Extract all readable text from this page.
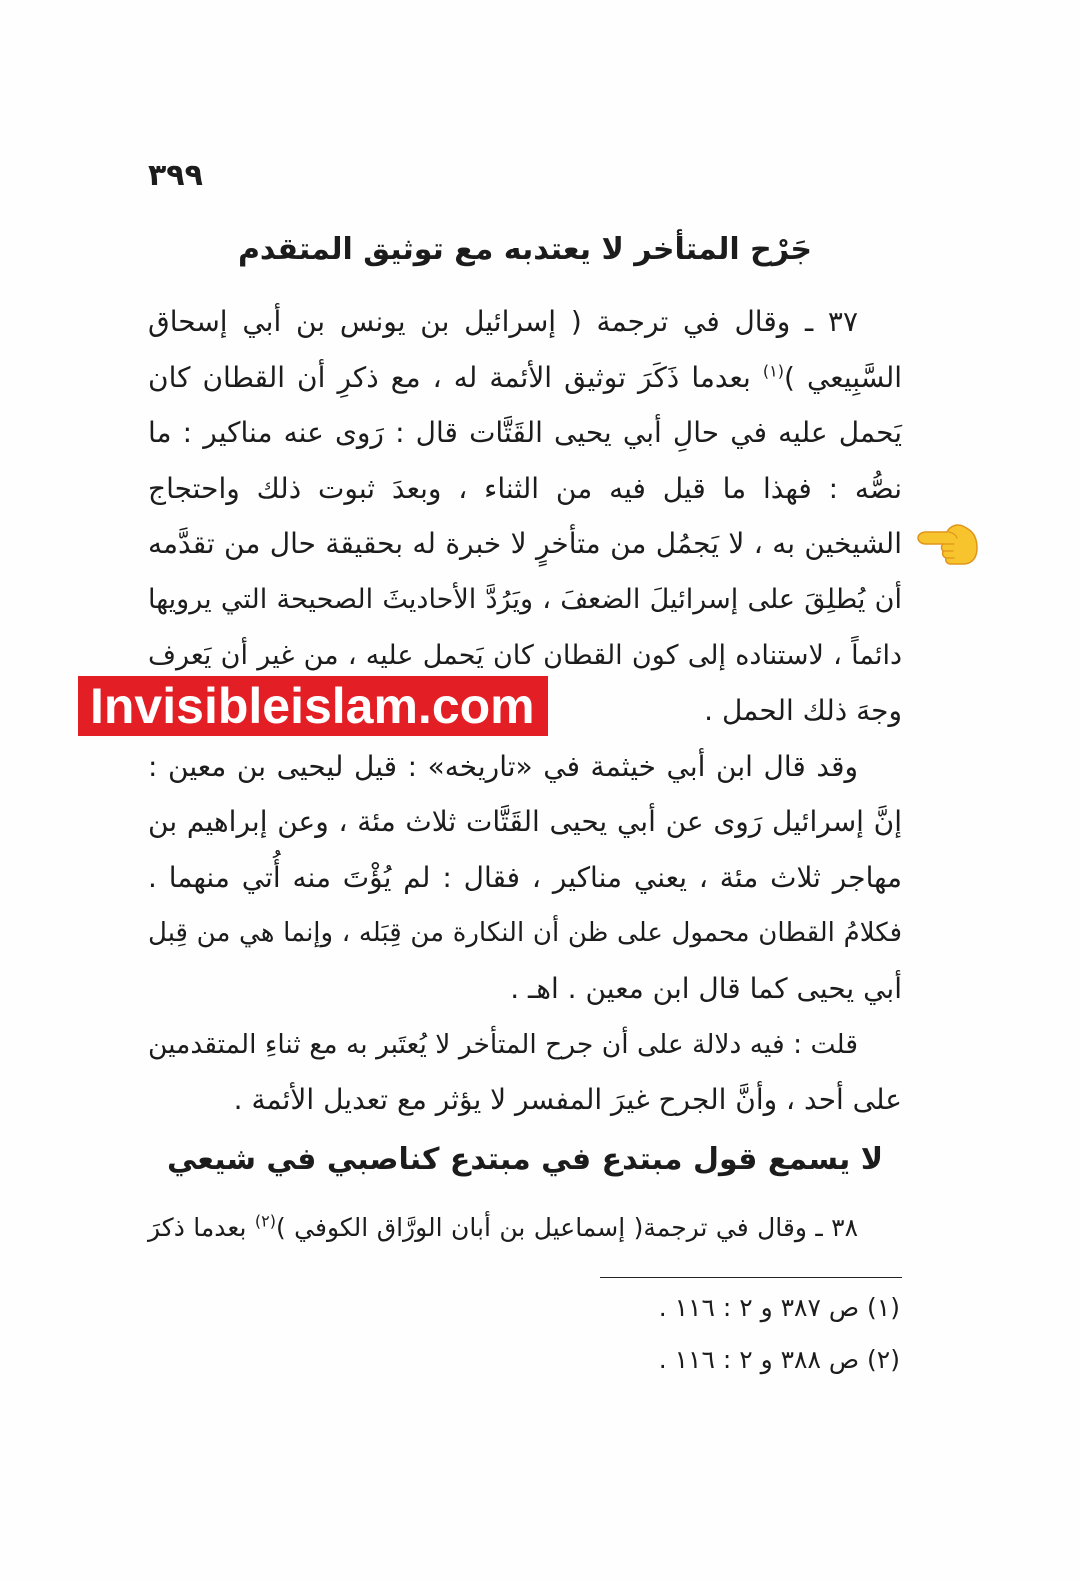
٣٩٩
جَرْح المتأخر لا يعتدبه مع توثيق المتقدم
٣٧ ـ وقال في ترجمة ( إسرائيل بن يونس بن أبي إسحاق
السَّبِيعي )$^{(١)}$ بعدما ذَكَرَ توثيق الأئمة له ، مع ذكرِ أن القطان كان
يَحمل عليه في حالِ أبي يحيى القَتَّات قال : رَوى عنه مناكير : ما
نصُّه : فهذا ما قيل فيه من الثناء ، وبعدَ ثبوت ذلك واحتجاج
الشيخين به ، لا يَجمُل من متأخرٍ لا خبرة له بحقيقة حال من تقدَّمه
أن يُطلِقَ على إسرائيلَ الضعفَ ، ويَرُدَّ الأحاديثَ الصحيحة التي يرويها
دائماً ، لاستناده إلى كون القطان كان يَحمل عليه ، من غير أن يَعرف
وجهَ ذلك الحمل .
وقد قال ابن أبي خيثمة في «تاريخه» : قيل ليحيى بن معين :
إنَّ إسرائيل رَوى عن أبي يحيى القَتَّات ثلاث مئة ، وعن إبراهيم بن
مهاجر ثلاث مئة ، يعني مناكير ، فقال : لم يُؤْتَ منه أُتي منهما .
فكلامُ القطان محمول على ظن أن النكارة من قِبَله ، وإنما هي من قِبل
أبي يحيى كما قال ابن معين . اهـ .
قلت : فيه دلالة على أن جرح المتأخر لا يُعتَبر به مع ثناءِ المتقدمين
على أحد ، وأنَّ الجرح غيرَ المفسر لا يؤثر مع تعديل الأئمة .
لا يسمع قول مبتدع في مبتدع كناصبي في شيعي
٣٨ ـ وقال في ترجمة( إسماعيل بن أبان الورَّاق الكوفي )$^{(٢)}$ بعدما ذكرَ
(١) ص ٣٨٧ و ٢ : ١١٦ .
(٢) ص ٣٨٨ و ٢ : ١١٦ .
Invisibleislam.com
